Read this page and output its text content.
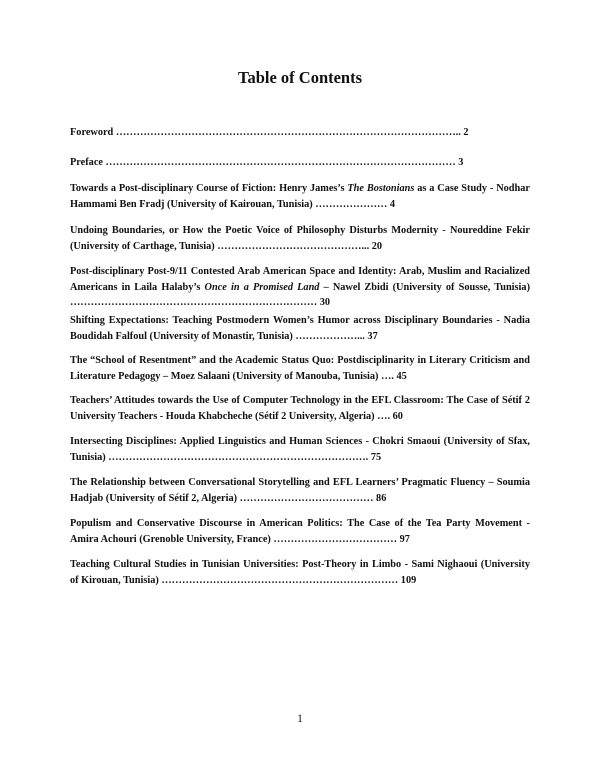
Table of Contents

Foreword ……………………………………………………………………………………….. 2

Preface ………………………………………………………………………………………… 3

Towards a Post-disciplinary Course of Fiction: Henry James’s The Bostonians as a Case Study - Nodhar Hammami Ben Fradj (University of Kairouan, Tunisia) ………………… 4

Undoing Boundaries, or How the Poetic Voice of Philosophy Disturbs Modernity - Noureddine Fekir (University of Carthage, Tunisia) ……………………………………... 20

Post-disciplinary Post-9/11 Contested Arab American Space and Identity: Arab, Muslim and Racialized Americans in Laila Halaby’s Once in a Promised Land – Nawel Zbidi (University of Sousse, Tunisia) ……………………………………………………………… 30

Shifting Expectations: Teaching Postmodern Women’s Humor across Disciplinary Boundaries - Nadia Boudidah Falfoul (University of Monastir, Tunisia) ………………... 37

The “School of Resentment” and the Academic Status Quo: Postdisciplinarity in Literary Criticism and Literature Pedagogy – Moez Salaani (University of Manouba, Tunisia) …. 45

Teachers’ Attitudes towards the Use of Computer Technology in the EFL Classroom: The Case of Sétif 2 University Teachers - Houda Khabcheche (Sétif 2 University, Algeria) …. 60

Intersecting Disciplines: Applied Linguistics and Human Sciences - Chokri Smaoui (University of Sfax, Tunisia) …………………………………………………………………. 75

The Relationship between Conversational Storytelling and EFL Learners’ Pragmatic Fluency – Soumia Hadjab (University of Sétif 2, Algeria) ………………………………… 86

Populism and Conservative Discourse in American Politics: The Case of the Tea Party Movement - Amira Achouri (Grenoble University, France) ……………………………… 97

Teaching Cultural Studies in Tunisian Universities: Post-Theory in Limbo - Sami Nighaoui (University of Kirouan, Tunisia) …………………………………………………………… 109

1
